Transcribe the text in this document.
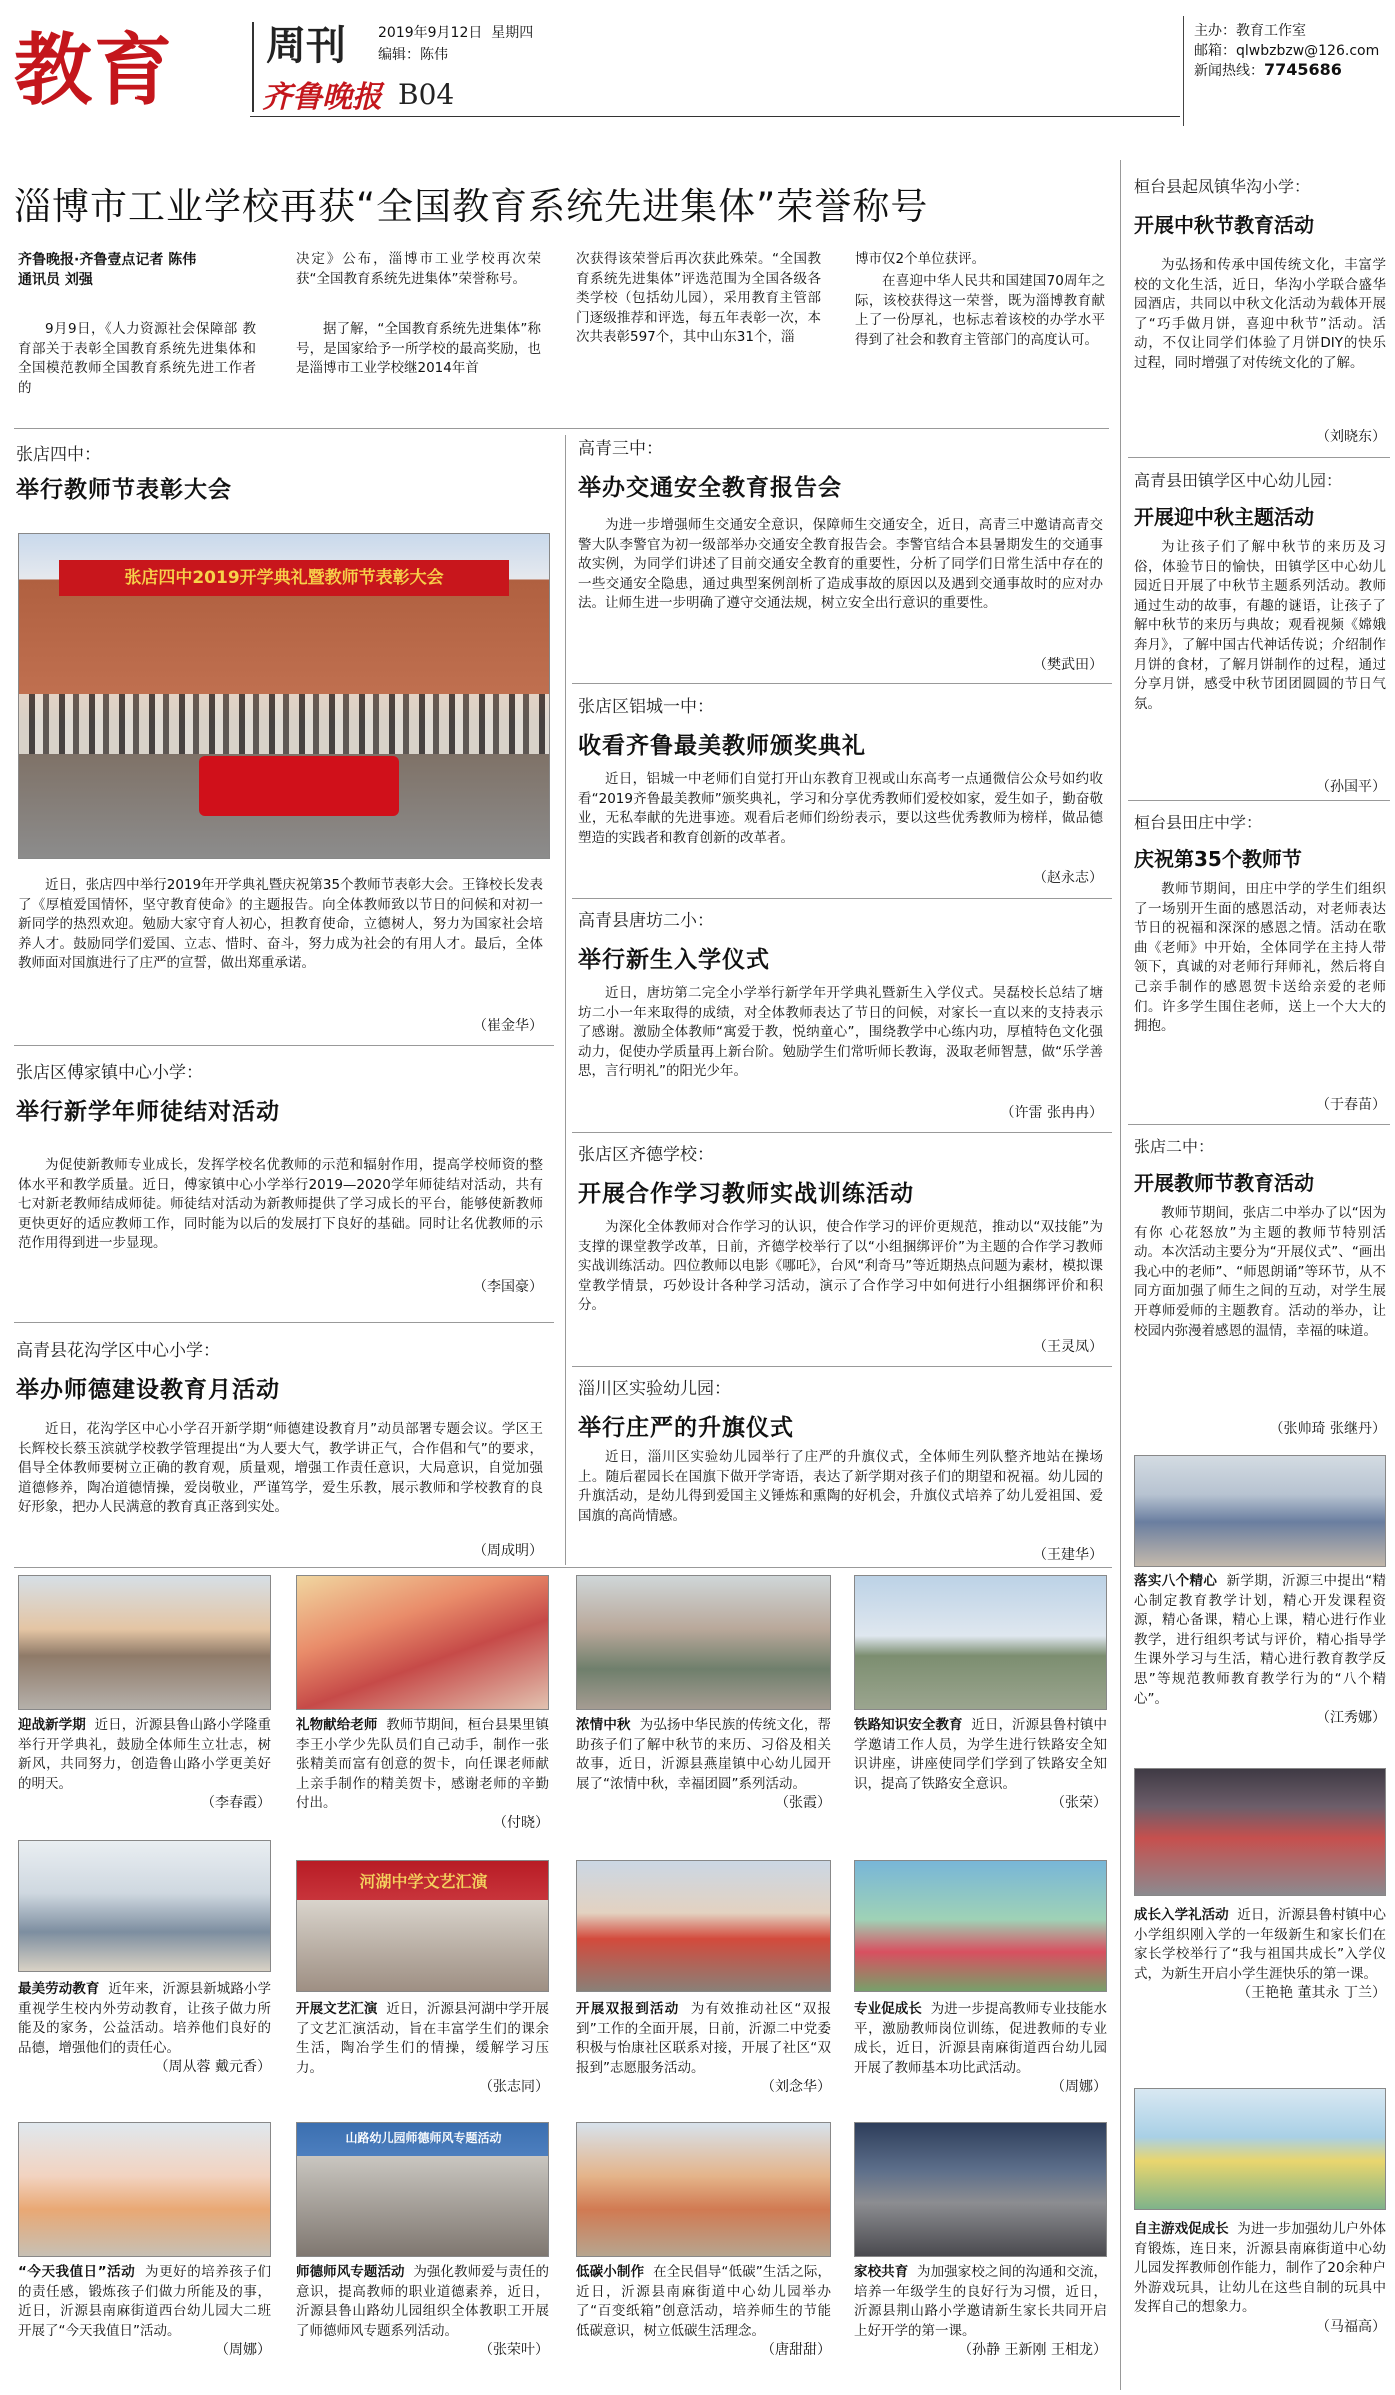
教育 周刊 2019年9月12日 星期四
编辑：陈伟
齐鲁晚报 B04
主办：教育工作室
邮箱：qlwbzbzw@126.com
新闻热线：7745686
淄博市工业学校再获“全国教育系统先进集体”荣誉称号
齐鲁晚报·齐鲁壹点记者 陈伟
通讯员 刘强

9月9日，《人力资源社会保障部 教育部关于表彰全国教育系统先进集体和全国模范教师全国教育系统先进工作者的

决定》公布，淄博市工业学校再次荣获“全国教育系统先进集体”荣誉称号。

据了解，“全国教育系统先进集体”称号，是国家给予一所学校的最高奖励，也是淄博市工业学校继2014年首

次获得该荣誉后再次获此殊荣。“全国教育系统先进集体”评选范围为全国各级各类学校（包括幼儿园），采用教育主管部门逐级推荐和评选，每五年表彰一次，本次共表彰597个，其中山东31个，淄

博市仅2个单位获评。

在喜迎中华人民共和国建国70周年之际，该校获得这一荣誉，既为淄博教育献上了一份厚礼，也标志着该校的办学水平得到了社会和教育主管部门的高度认可。

张店四中：
举行教师节表彰大会
张店四中2019开学典礼暨教师节表彰大会

近日，张店四中举行2019年开学典礼暨庆祝第35个教师节表彰大会。王锋校长发表了《厚植爱国情怀，坚守教育使命》的主题报告。向全体教师致以节日的问候和对初一新同学的热烈欢迎。勉励大家守育人初心，担教育使命，立德树人，努力为国家社会培养人才。鼓励同学们爱国、立志、惜时、奋斗，努力成为社会的有用人才。最后，全体教师面对国旗进行了庄严的宣誓，做出郑重承诺。

（崔金华）
张店区傅家镇中心小学：
举行新学年师徒结对活动

为促使新教师专业成长，发挥学校名优教师的示范和辐射作用，提高学校师资的整体水平和教学质量。近日，傅家镇中心小学举行2019—2020学年师徒结对活动，共有七对新老教师结成师徒。师徒结对活动为新教师提供了学习成长的平台，能够使新教师更快更好的适应教师工作，同时能为以后的发展打下良好的基础。同时让名优教师的示范作用得到进一步显现。

（李国豪）
高青县花沟学区中心小学：
举办师德建设教育月活动

近日，花沟学区中心小学召开新学期“师德建设教育月”动员部署专题会议。学区王长辉校长蔡玉滨就学校教学管理提出“为人要大气，教学讲正气，合作倡和气”的要求，倡导全体教师要树立正确的教育观，质量观，增强工作责任意识，大局意识，自觉加强道德修养，陶冶道德情操，爱岗敬业，严谨笃学，爱生乐教，展示教师和学校教育的良好形象，把办人民满意的教育真正落到实处。

（周成明）
高青三中：
举办交通安全教育报告会

为进一步增强师生交通安全意识，保障师生交通安全，近日，高青三中邀请高青交警大队李警官为初一级部举办交通安全教育报告会。李警官结合本县暑期发生的交通事故实例，为同学们讲述了目前交通安全教育的重要性，分析了同学们日常生活中存在的一些交通安全隐患，通过典型案例剖析了造成事故的原因以及遇到交通事故时的应对办法。让师生进一步明确了遵守交通法规，树立安全出行意识的重要性。

（樊武田）
张店区铝城一中：
收看齐鲁最美教师颁奖典礼

近日，铝城一中老师们自觉打开山东教育卫视或山东高考一点通微信公众号如约收看“2019齐鲁最美教师”颁奖典礼，学习和分享优秀教师们爱校如家，爱生如子，勤奋敬业，无私奉献的先进事迹。观看后老师们纷纷表示，要以这些优秀教师为榜样，做品德塑造的实践者和教育创新的改革者。

（赵永志）
高青县唐坊二小：
举行新生入学仪式

近日，唐坊第二完全小学举行新学年开学典礼暨新生入学仪式。吴磊校长总结了塘坊二小一年来取得的成绩，对全体教师表达了节日的问候，对家长一直以来的支持表示了感谢。激励全体教师“寓爱于教，悦纳童心”，围绕教学中心练内功，厚植特色文化强动力，促使办学质量再上新台阶。勉励学生们常听师长教诲，汲取老师智慧，做“乐学善思，言行明礼”的阳光少年。

（许雷 张冉冉）
张店区齐德学校：
开展合作学习教师实战训练活动

为深化全体教师对合作学习的认识，使合作学习的评价更规范，推动以“双技能”为支撑的课堂教学改革，日前，齐德学校举行了以“小组捆绑评价”为主题的合作学习教师实战训练活动。四位教师以电影《哪吒》，台风“利奇马”等近期热点问题为素材，模拟课堂教学情景，巧妙设计各种学习活动，演示了合作学习中如何进行小组捆绑评价和积分。

（王灵凤）
淄川区实验幼儿园：
举行庄严的升旗仪式

近日，淄川区实验幼儿园举行了庄严的升旗仪式，全体师生列队整齐地站在操场上。随后翟园长在国旗下做开学寄语，表达了新学期对孩子们的期望和祝福。幼儿园的升旗活动，是幼儿得到爱国主义锤炼和熏陶的好机会，升旗仪式培养了幼儿爱祖国、爱国旗的高尚情感。

（王建华）
迎战新学期 近日，沂源县鲁山路小学隆重举行开学典礼，鼓励全体师生立壮志，树新风，共同努力，创造鲁山路小学更美好的明天。
（李春霞）
礼物献给老师 教师节期间，桓台县果里镇李王小学少先队员们自己动手，制作一张张精美而富有创意的贺卡，向任课老师献上亲手制作的精美贺卡，感谢老师的辛勤付出。
（付晓）
浓情中秋 为弘扬中华民族的传统文化，帮助孩子们了解中秋节的来历、习俗及相关故事，近日，沂源县燕崖镇中心幼儿园开展了“浓情中秋，幸福团圆”系列活动。
（张霞）
铁路知识安全教育 近日，沂源县鲁村镇中学邀请工作人员，为学生进行铁路安全知识讲座，讲座使同学们学到了铁路安全知识，提高了铁路安全意识。
（张荣）
河湖中学文艺汇演
最美劳动教育 近年来，沂源县新城路小学重视学生校内外劳动教育，让孩子做力所能及的家务，公益活动。培养他们良好的品德，增强他们的责任心。
（周从蓉 戴元香）
开展文艺汇演 近日，沂源县河湖中学开展了文艺汇演活动，旨在丰富学生们的课余生活，陶冶学生们的情操，缓解学习压力。
（张志同）
开展双报到活动 为有效推动社区“双报到”工作的全面开展，日前，沂源二中党委积极与怡康社区联系对接，开展了社区“双报到”志愿服务活动。
（刘念华）
专业促成长 为进一步提高教师专业技能水平，激励教师岗位训练，促进教师的专业成长，近日，沂源县南麻街道西台幼儿园开展了教师基本功比武活动。
（周娜）
山路幼儿园师德师风专题活动
“今天我值日”活动 为更好的培养孩子们的责任感，锻炼孩子们做力所能及的事，近日，沂源县南麻街道西台幼儿园大二班开展了“今天我值日”活动。
（周娜）
师德师风专题活动 为强化教师爱与责任的意识，提高教师的职业道德素养，近日，沂源县鲁山路幼儿园组织全体教职工开展了师德师风专题系列活动。
（张荣叶）
低碳小制作 在全民倡导“低碳”生活之际，近日，沂源县南麻街道中心幼儿园举办了“百变纸箱”创意活动，培养师生的节能低碳意识，树立低碳生活理念。
（唐甜甜）
家校共育 为加强家校之间的沟通和交流，培养一年级学生的良好行为习惯，近日，沂源县荆山路小学邀请新生家长共同开启上好开学的第一课。
（孙静 王新刚 王相龙）
桓台县起凤镇华沟小学：
开展中秋节教育活动

为弘扬和传承中国传统文化，丰富学校的文化生活，近日，华沟小学联合盛华园酒店，共同以中秋文化活动为载体开展了“巧手做月饼，喜迎中秋节”活动。活动，不仅让同学们体验了月饼DIY的快乐过程，同时增强了对传统文化的了解。

（刘晓东）
高青县田镇学区中心幼儿园：
开展迎中秋主题活动

为让孩子们了解中秋节的来历及习俗，体验节日的愉快，田镇学区中心幼儿园近日开展了中秋节主题系列活动。教师通过生动的故事，有趣的谜语，让孩子了解中秋节的来历与典故；观看视频《嫦娥奔月》，了解中国古代神话传说；介绍制作月饼的食材，了解月饼制作的过程，通过分享月饼，感受中秋节团团圆圆的节日气氛。

（孙国平）
桓台县田庄中学：
庆祝第35个教师节

教师节期间，田庄中学的学生们组织了一场别开生面的感恩活动，对老师表达节日的祝福和深深的感恩之情。活动在歌曲《老师》中开始，全体同学在主持人带领下，真诚的对老师行拜师礼，然后将自己亲手制作的感恩贺卡送给亲爱的老师们。许多学生围住老师，送上一个大大的拥抱。

（于春苗）
张店二中：
开展教师节教育活动

教师节期间，张店二中举办了以“因为有你 心花怒放”为主题的教师节特别活动。本次活动主要分为“开展仪式”、“画出我心中的老师”、“师恩朗诵”等环节，从不同方面加强了师生之间的互动，对学生展开尊师爱师的主题教育。活动的举办，让校园内弥漫着感恩的温情，幸福的味道。

（张帅琦 张继丹）
落实八个精心 新学期，沂源三中提出“精心制定教育教学计划，精心开发课程资源，精心备课，精心上课，精心进行作业教学，进行组织考试与评价，精心指导学生课外学习与生活，精心进行教育教学反思”等规范教师教育教学行为的“八个精心”。
（江秀娜）
成长入学礼活动 近日，沂源县鲁村镇中心小学组织刚入学的一年级新生和家长们在家长学校举行了“我与祖国共成长”入学仪式，为新生开启小学生涯快乐的第一课。
（王艳艳 董其永 丁兰）
自主游戏促成长 为进一步加强幼儿户外体育锻炼，连日来，沂源县南麻街道中心幼儿园发挥教师创作能力，制作了20余种户外游戏玩具，让幼儿在这些自制的玩具中发挥自己的想象力。
（马福高）
